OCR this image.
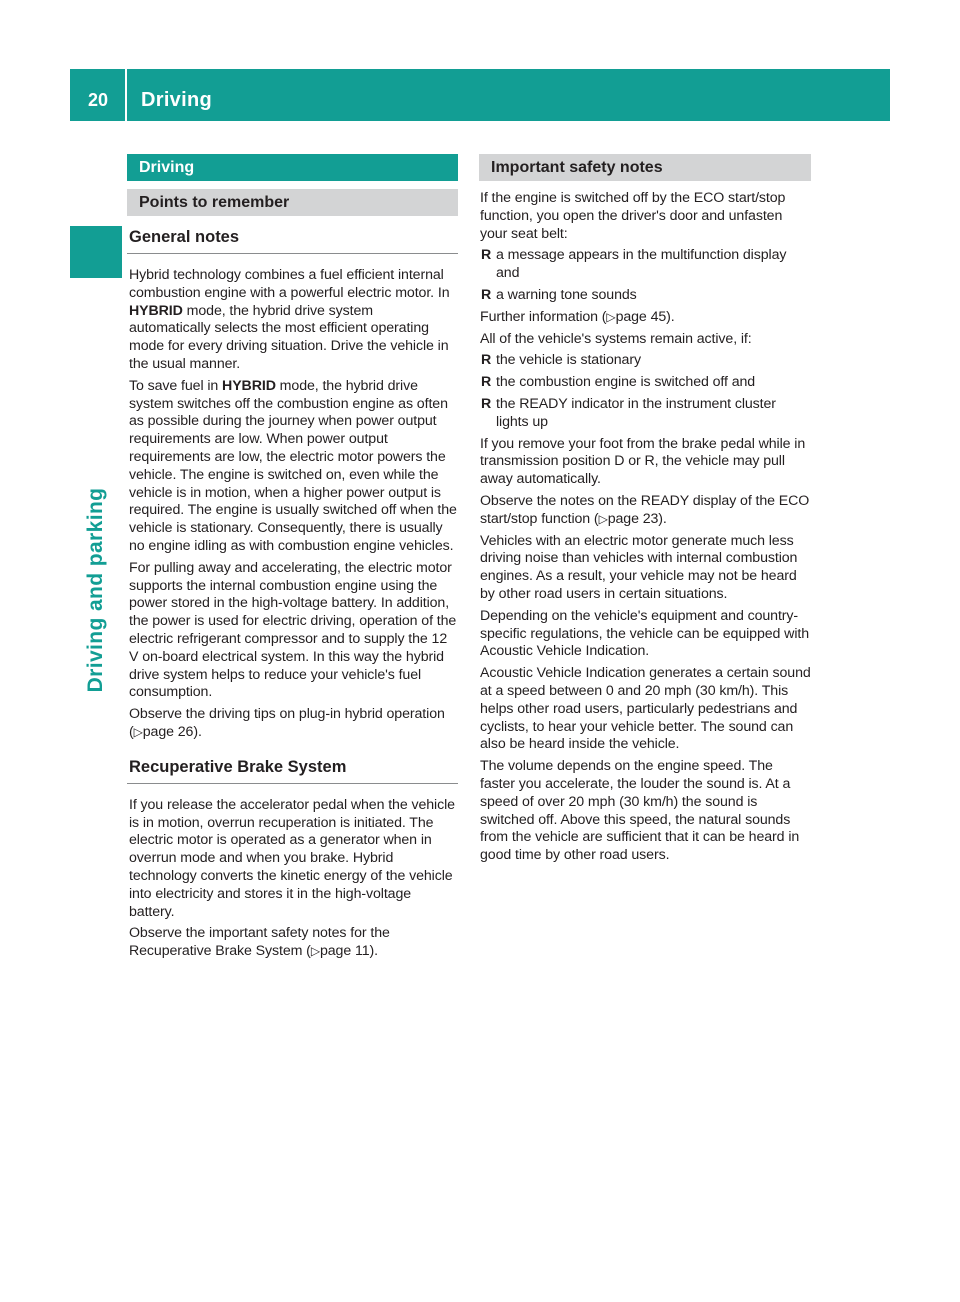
20	Driving
Driving and parking
Driving
Points to remember
General notes

Hybrid technology combines a fuel efficient internal combustion engine with a powerful electric motor. In HYBRID mode, the hybrid drive system automatically selects the most efficient operating mode for every driving situation. Drive the vehicle in the usual manner.

To save fuel in HYBRID mode, the hybrid drive system switches off the combustion engine as often as possible during the journey when power output requirements are low. When power output requirements are low, the electric motor powers the vehicle. The engine is switched on, even while the vehicle is in motion, when a higher power output is required. The engine is usually switched off when the vehicle is stationary. Consequently, there is usually no engine idling as with combustion engine vehicles.

For pulling away and accelerating, the electric motor supports the internal combustion engine using the power stored in the high-voltage battery. In addition, the power is used for electric driving, operation of the electric refrigerant compressor and to supply the 12 V on-board electrical system. In this way the hybrid drive system helps to reduce your vehicle's fuel consumption.

Observe the driving tips on plug-in hybrid operation (▷page 26).

Recuperative Brake System

If you release the accelerator pedal when the vehicle is in motion, overrun recuperation is initiated. The electric motor is operated as a generator when in overrun mode and when you brake. Hybrid technology converts the kinetic energy of the vehicle into electricity and stores it in the high-voltage battery.

Observe the important safety notes for the Recuperative Brake System (▷page 11).

Important safety notes

If the engine is switched off by the ECO start/stop function, you open the driver's door and unfasten your seat belt:

R a message appears in the multifunction display and
R a warning tone sounds

Further information (▷page 45).

All of the vehicle's systems remain active, if:

R the vehicle is stationary
R the combustion engine is switched off and
R the READY indicator in the instrument cluster lights up

If you remove your foot from the brake pedal while in transmission position D or R, the vehicle may pull away automatically.

Observe the notes on the READY display of the ECO start/stop function (▷page 23).

Vehicles with an electric motor generate much less driving noise than vehicles with internal combustion engines. As a result, your vehicle may not be heard by other road users in certain situations.

Depending on the vehicle's equipment and country-specific regulations, the vehicle can be equipped with Acoustic Vehicle Indication.

Acoustic Vehicle Indication generates a certain sound at a speed between 0 and 20 mph (30 km/h). This helps other road users, particularly pedestrians and cyclists, to hear your vehicle better. The sound can also be heard inside the vehicle.

The volume depends on the engine speed. The faster you accelerate, the louder the sound is. At a speed of over 20 mph (30 km/h) the sound is switched off. Above this speed, the natural sounds from the vehicle are sufficient that it can be heard in good time by other road users.
